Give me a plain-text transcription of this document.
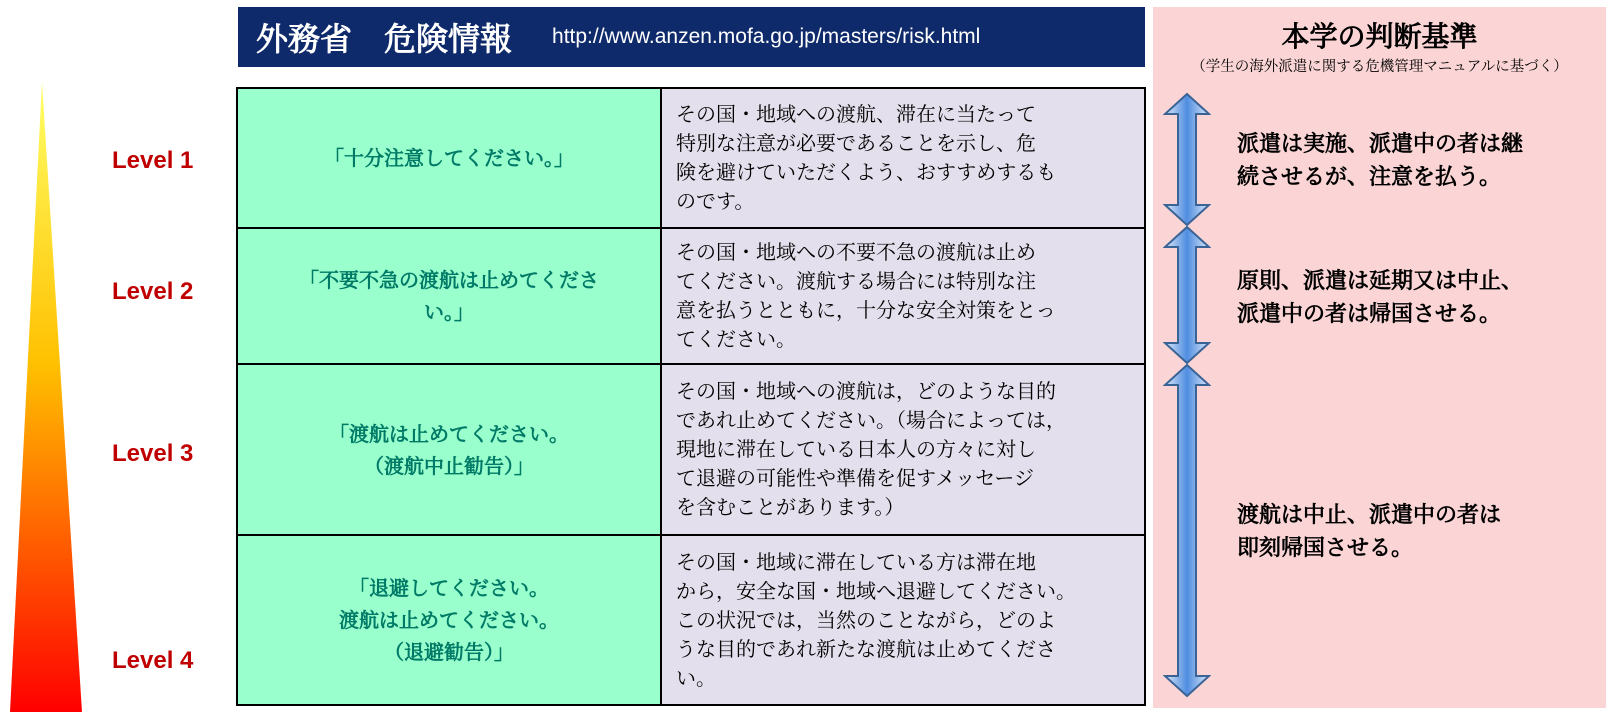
Level 1
Level 2
Level 3
Level 4
外務省　危険情報 http://www.anzen.mofa.go.jp/masters/risk.html
「十分注意してください。」	その国・地域への渡航、滞在に当たって
特別な注意が必要であることを示し、危
険を避けていただくよう、おすすめするも
のです。

「不要不急の渡航は止めてくださ
い。」	その国・地域への不要不急の渡航は止め
てください。渡航する場合には特別な注
意を払うとともに，十分な安全対策をとっ
てください。

「渡航は止めてください。
（渡航中止勧告）」	その国・地域への渡航は，どのような目的
であれ止めてください。（場合によっては，
現地に滞在している日本人の方々に対し
て退避の可能性や準備を促すメッセージ
を含むことがあります。）

「退避してください。
渡航は止めてください。
（退避勧告）」	その国・地域に滞在している方は滞在地
から，安全な国・地域へ退避してください。
この状況では，当然のことながら，どのよ
うな目的であれ新たな渡航は止めてくださ
い。
本学の判断基準
（学生の海外派遣に関する危機管理マニュアルに基づく）
派遣は実施、派遣中の者は継
続させるが、注意を払う。
原則、派遣は延期又は中止、
派遣中の者は帰国させる。
渡航は中止、派遣中の者は
即刻帰国させる。
